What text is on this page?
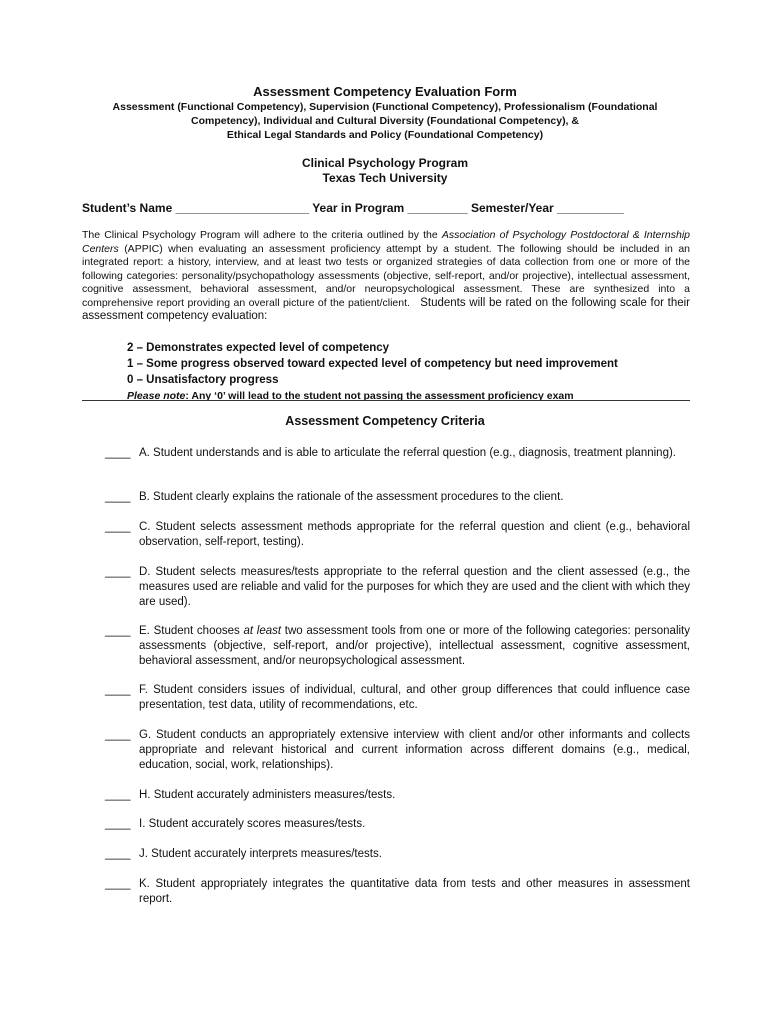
Assessment Competency Evaluation Form
Assessment (Functional Competency), Supervision (Functional Competency), Professionalism (Foundational
Competency), Individual and Cultural Diversity (Foundational Competency), &
Ethical Legal Standards and Policy (Foundational Competency)
Clinical Psychology Program
Texas Tech University
Student’s Name ____________________ Year in Program _________ Semester/Year __________
The Clinical Psychology Program will adhere to the criteria outlined by the Association of Psychology Postdoctoral & Internship Centers (APPIC) when evaluating an assessment proficiency attempt by a student. The following should be included in an integrated report: a history, interview, and at least two tests or organized strategies of data collection from one or more of the following categories: personality/psychopathology assessments (objective, self-report, and/or projective), intellectual assessment, cognitive assessment, behavioral assessment, and/or neuropsychological assessment. These are synthesized into a comprehensive report providing an overall picture of the patient/client. Students will be rated on the following scale for their assessment competency evaluation:
2 – Demonstrates expected level of competency
1 – Some progress observed toward expected level of competency but need improvement
0 – Unsatisfactory progress
Please note: Any ‘0’ will lead to the student not passing the assessment proficiency exam
Assessment Competency Criteria
____ A. Student understands and is able to articulate the referral question (e.g., diagnosis, treatment planning).
____ B. Student clearly explains the rationale of the assessment procedures to the client.
____ C. Student selects assessment methods appropriate for the referral question and client (e.g., behavioral observation, self-report, testing).
____ D. Student selects measures/tests appropriate to the referral question and the client assessed (e.g., the measures used are reliable and valid for the purposes for which they are used and the client with which they are used).
____ E. Student chooses at least two assessment tools from one or more of the following categories: personality assessments (objective, self-report, and/or projective), intellectual assessment, cognitive assessment, behavioral assessment, and/or neuropsychological assessment.
____ F. Student considers issues of individual, cultural, and other group differences that could influence case presentation, test data, utility of recommendations, etc.
____ G. Student conducts an appropriately extensive interview with client and/or other informants and collects appropriate and relevant historical and current information across different domains (e.g., medical, education, social, work, relationships).
____ H. Student accurately administers measures/tests.
____ I. Student accurately scores measures/tests.
____ J. Student accurately interprets measures/tests.
____ K. Student appropriately integrates the quantitative data from tests and other measures in assessment report.
